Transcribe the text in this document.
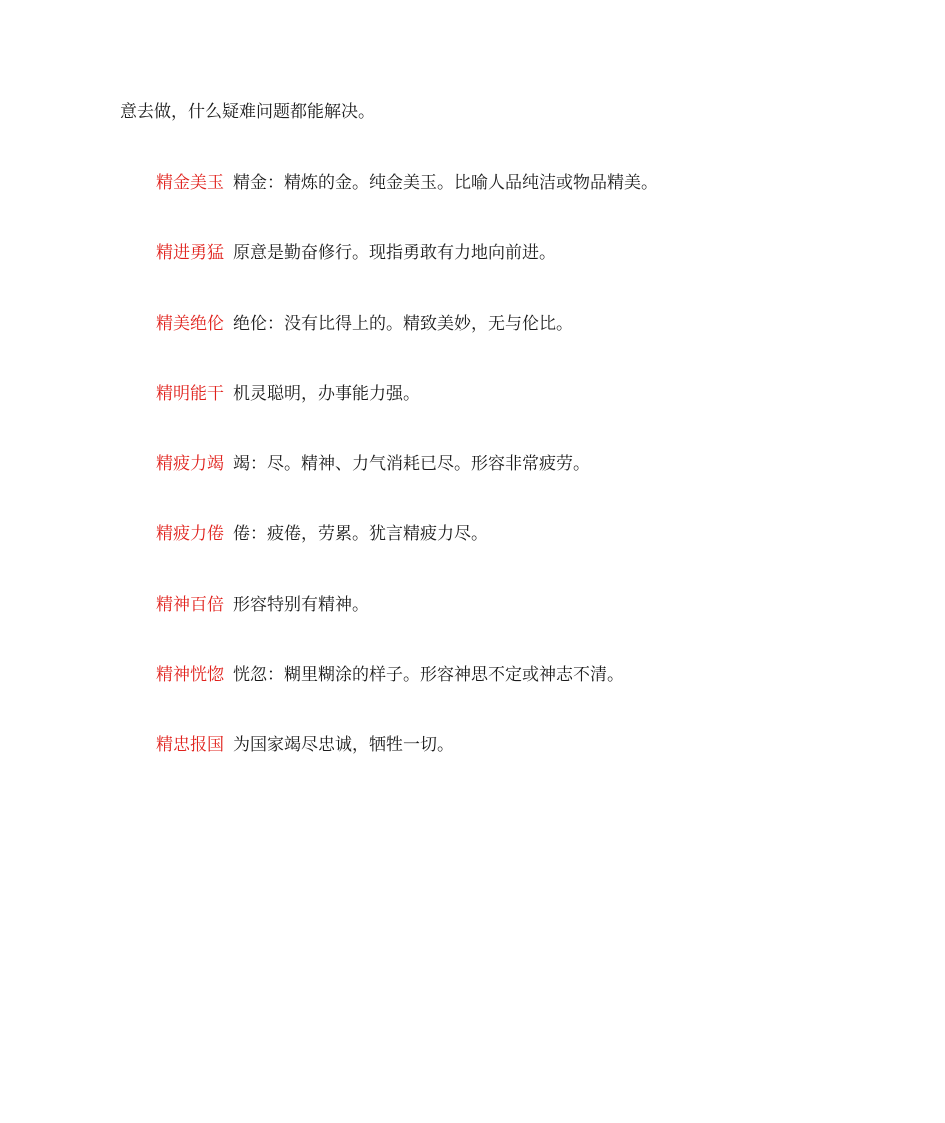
意去做，什么疑难问题都能解决。

精金美玉 精金：精炼的金。纯金美玉。比喻人品纯洁或物品精美。
精进勇猛 原意是勤奋修行。现指勇敢有力地向前进。
精美绝伦 绝伦：没有比得上的。精致美妙，无与伦比。
精明能干 机灵聪明，办事能力强。
精疲力竭 竭：尽。精神、力气消耗已尽。形容非常疲劳。
精疲力倦 倦：疲倦，劳累。犹言精疲力尽。
精神百倍 形容特别有精神。
精神恍惚 恍忽：糊里糊涂的样子。形容神思不定或神志不清。
精忠报国 为国家竭尽忠诚，牺牲一切。
